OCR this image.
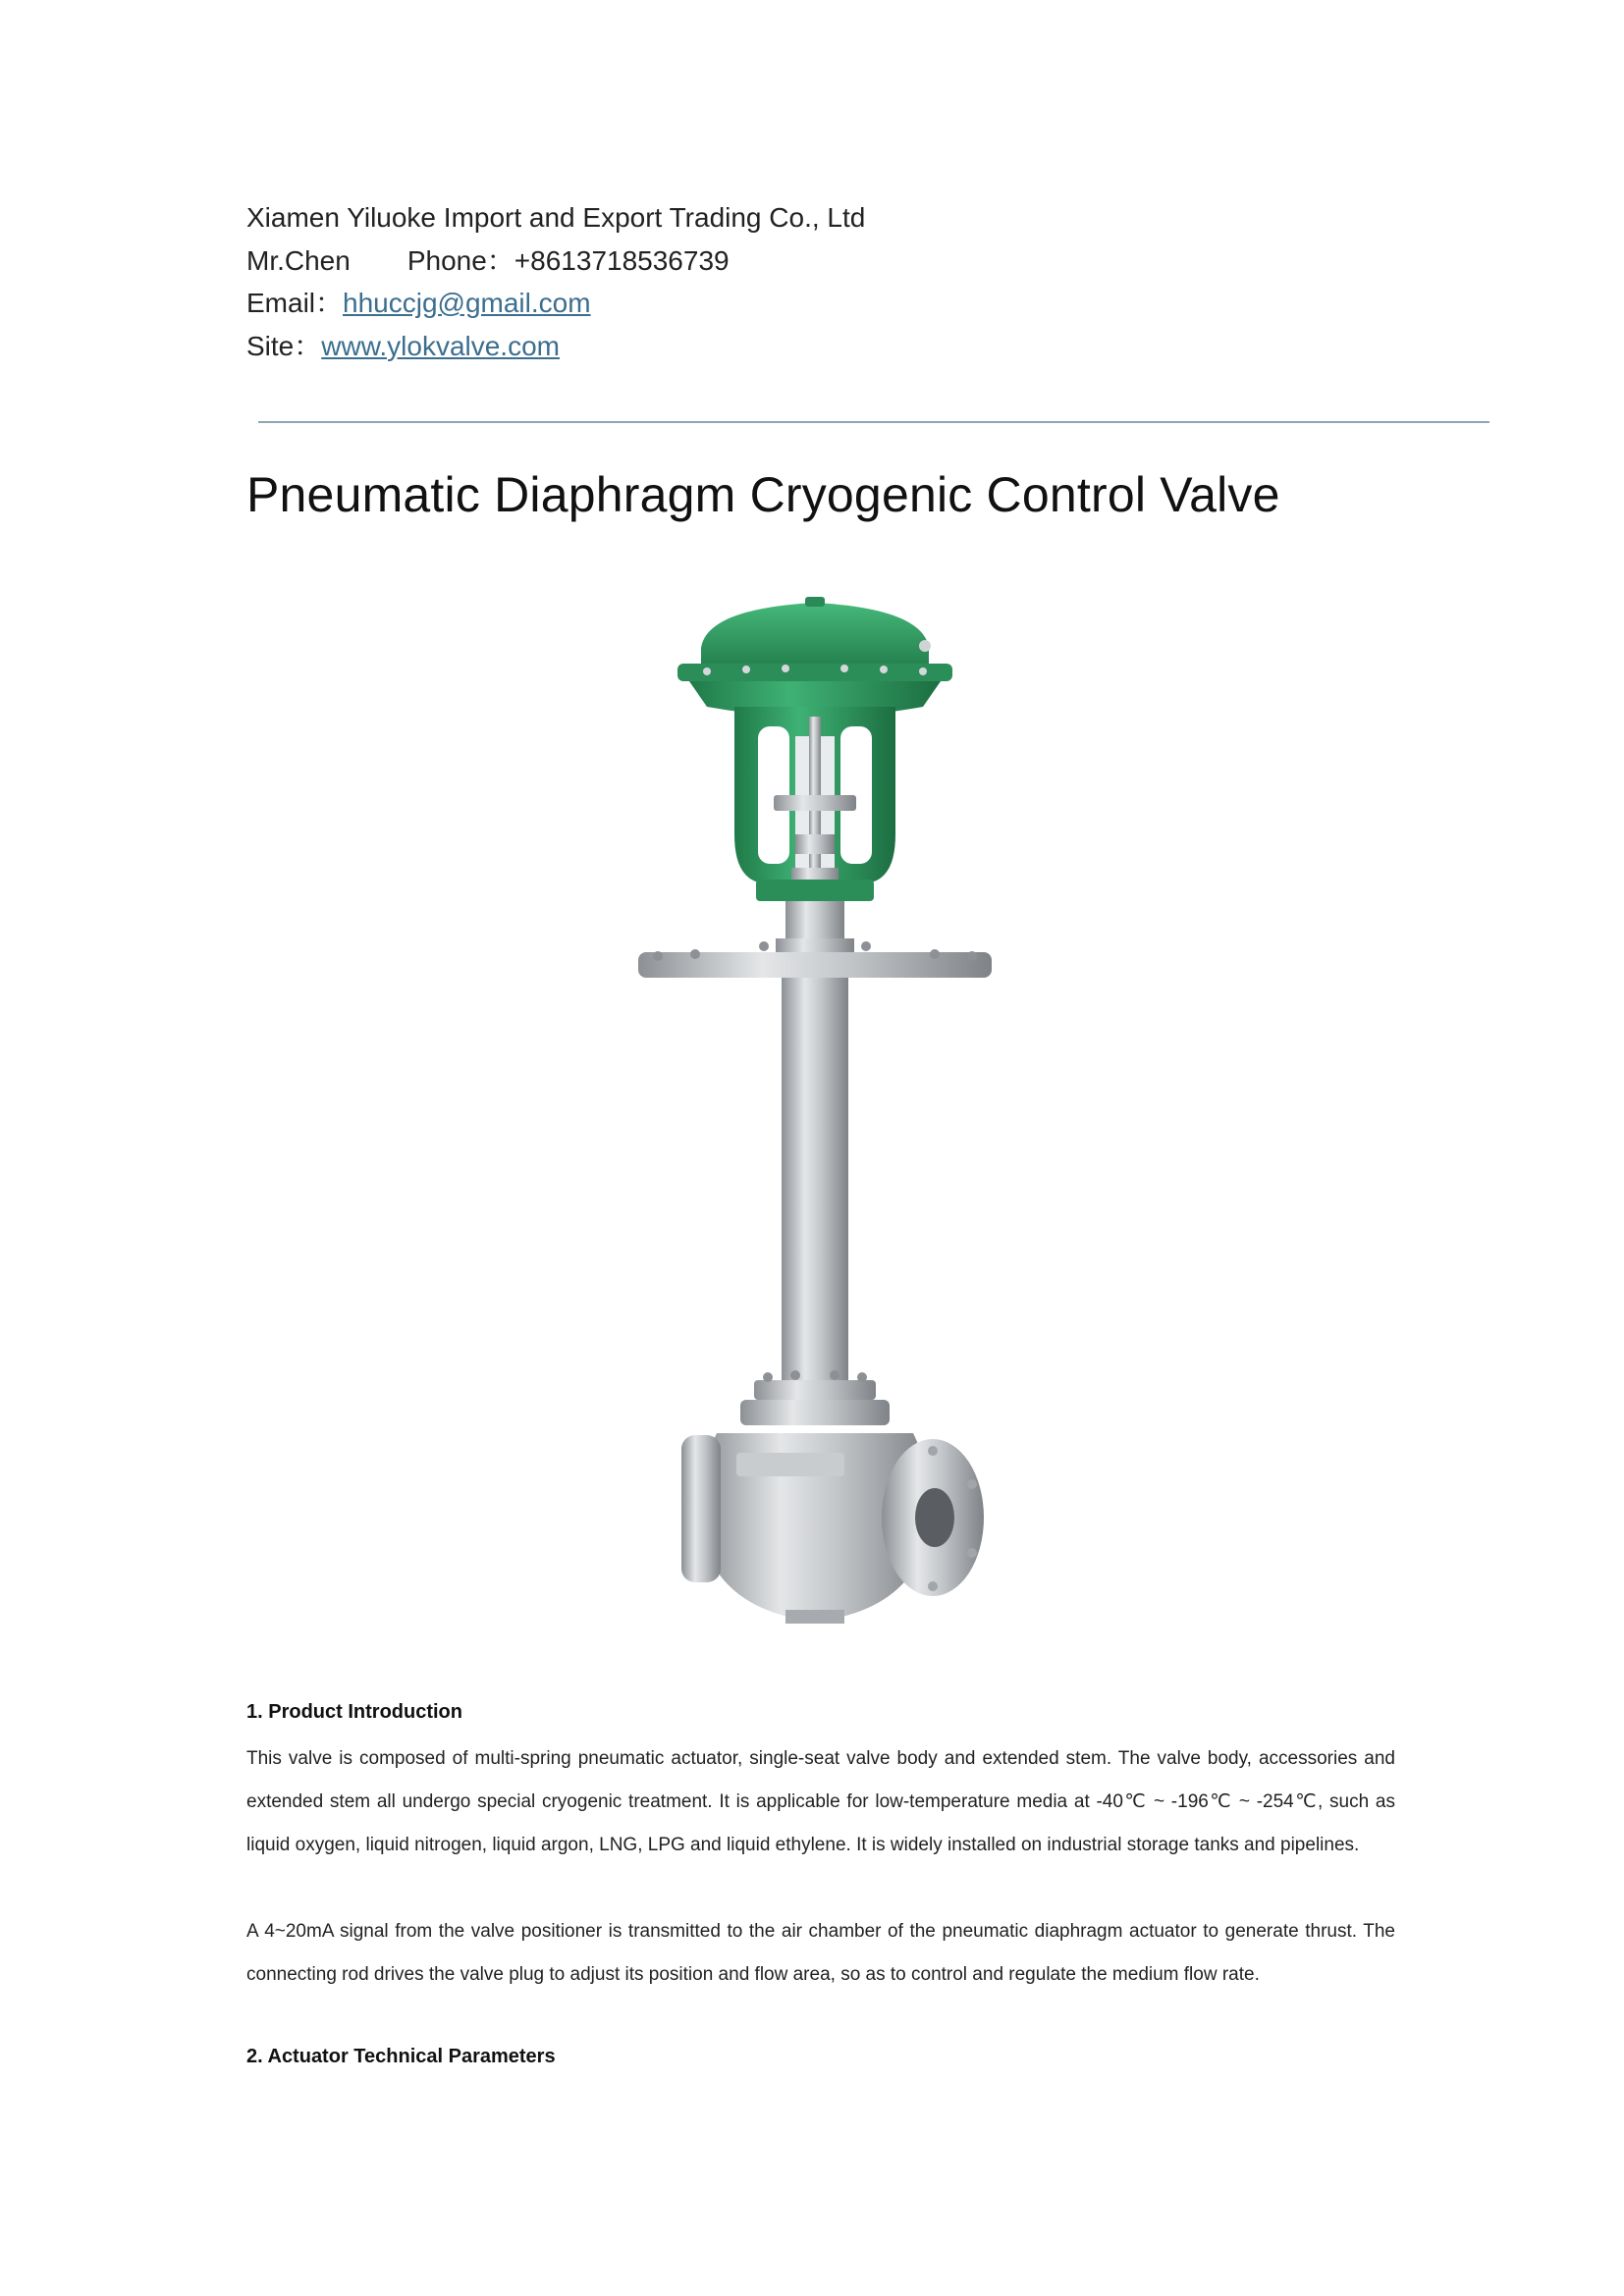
Xiamen Yiluoke Import and Export Trading Co., Ltd
Mr.Chen Phone：+8613718536739
Email：hhuccjg@gmail.com
Site：www.ylokvalve.com
Pneumatic Diaphragm Cryogenic Control Valve
1. Product Introduction

This valve is composed of multi-spring pneumatic actuator, single-seat valve body and extended stem. The valve body, accessories and extended stem all undergo special cryogenic treatment. It is applicable for low-temperature media at -40℃ ~ -196℃ ~ -254℃, such as liquid oxygen, liquid nitrogen, liquid argon, LNG, LPG and liquid ethylene. It is widely installed on industrial storage tanks and pipelines.

A 4~20mA signal from the valve positioner is transmitted to the air chamber of the pneumatic diaphragm actuator to generate thrust. The connecting rod drives the valve plug to adjust its position and flow area, so as to control and regulate the medium flow rate.

2. Actuator Technical Parameters
